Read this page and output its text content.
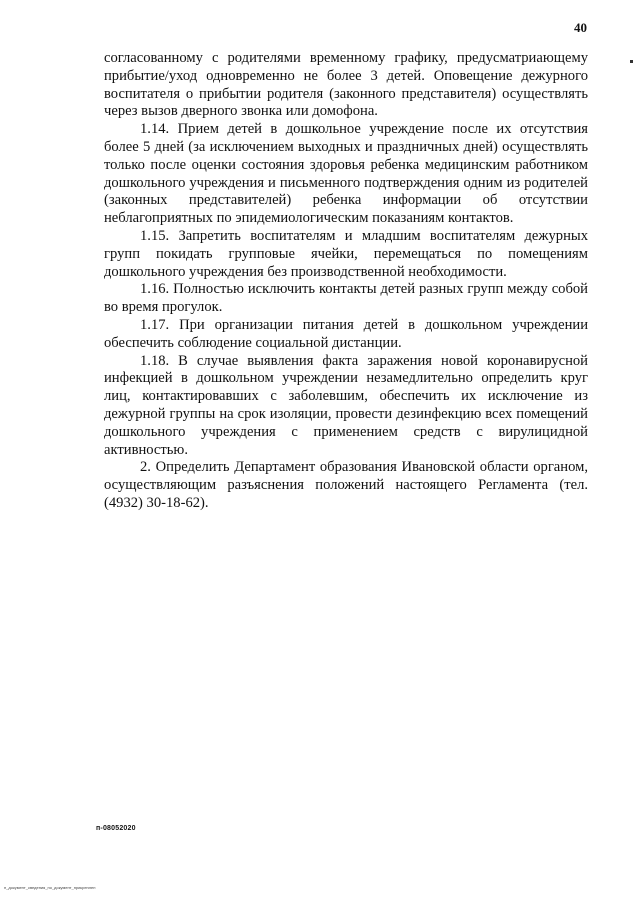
40

согласованному с родителями временному графику, предусматриающему прибытие/уход одновременно не более 3 детей. Оповещение дежурного воспитателя о прибытии родителя (законного представителя) осуществлять через вызов дверного звонка или домофона.

1.14. Прием детей в дошкольное учреждение после их отсутствия более 5 дней (за исключением выходных и праздничных дней) осуществлять только после оценки состояния здоровья ребенка медицинским работником дошкольного учреждения и письменного подтверждения одним из родителей (законных представителей) ребенка информации об отсутствии неблагоприятных по эпидемиологическим показаниям контактов.

1.15. Запретить воспитателям и младшим воспитателям дежурных групп покидать групповые ячейки, перемещаться по помещениям дошкольного учреждения без производственной необходимости.

1.16. Полностью исключить контакты детей разных групп между собой во время прогулок.

1.17. При организации питания детей в дошкольном учреждении обеспечить соблюдение социальной дистанции.

1.18. В случае выявления факта заражения новой коронавирусной инфекцией в дошкольном учреждении незамедлительно определить круг лиц, контактировавших с заболевшим, обеспечить их исключение из дежурной группы на срок изоляции, провести дезинфекцию всех помещений дошкольного учреждения с применением средств с вирулицидной активностью.

2. Определить Департамент образования Ивановской области органом, осуществляющим разъяснения положений настоящего Регламента (тел. (4932) 30-18-62).

п-08052020
п_документ_сведения_по_документ_прикреплен
